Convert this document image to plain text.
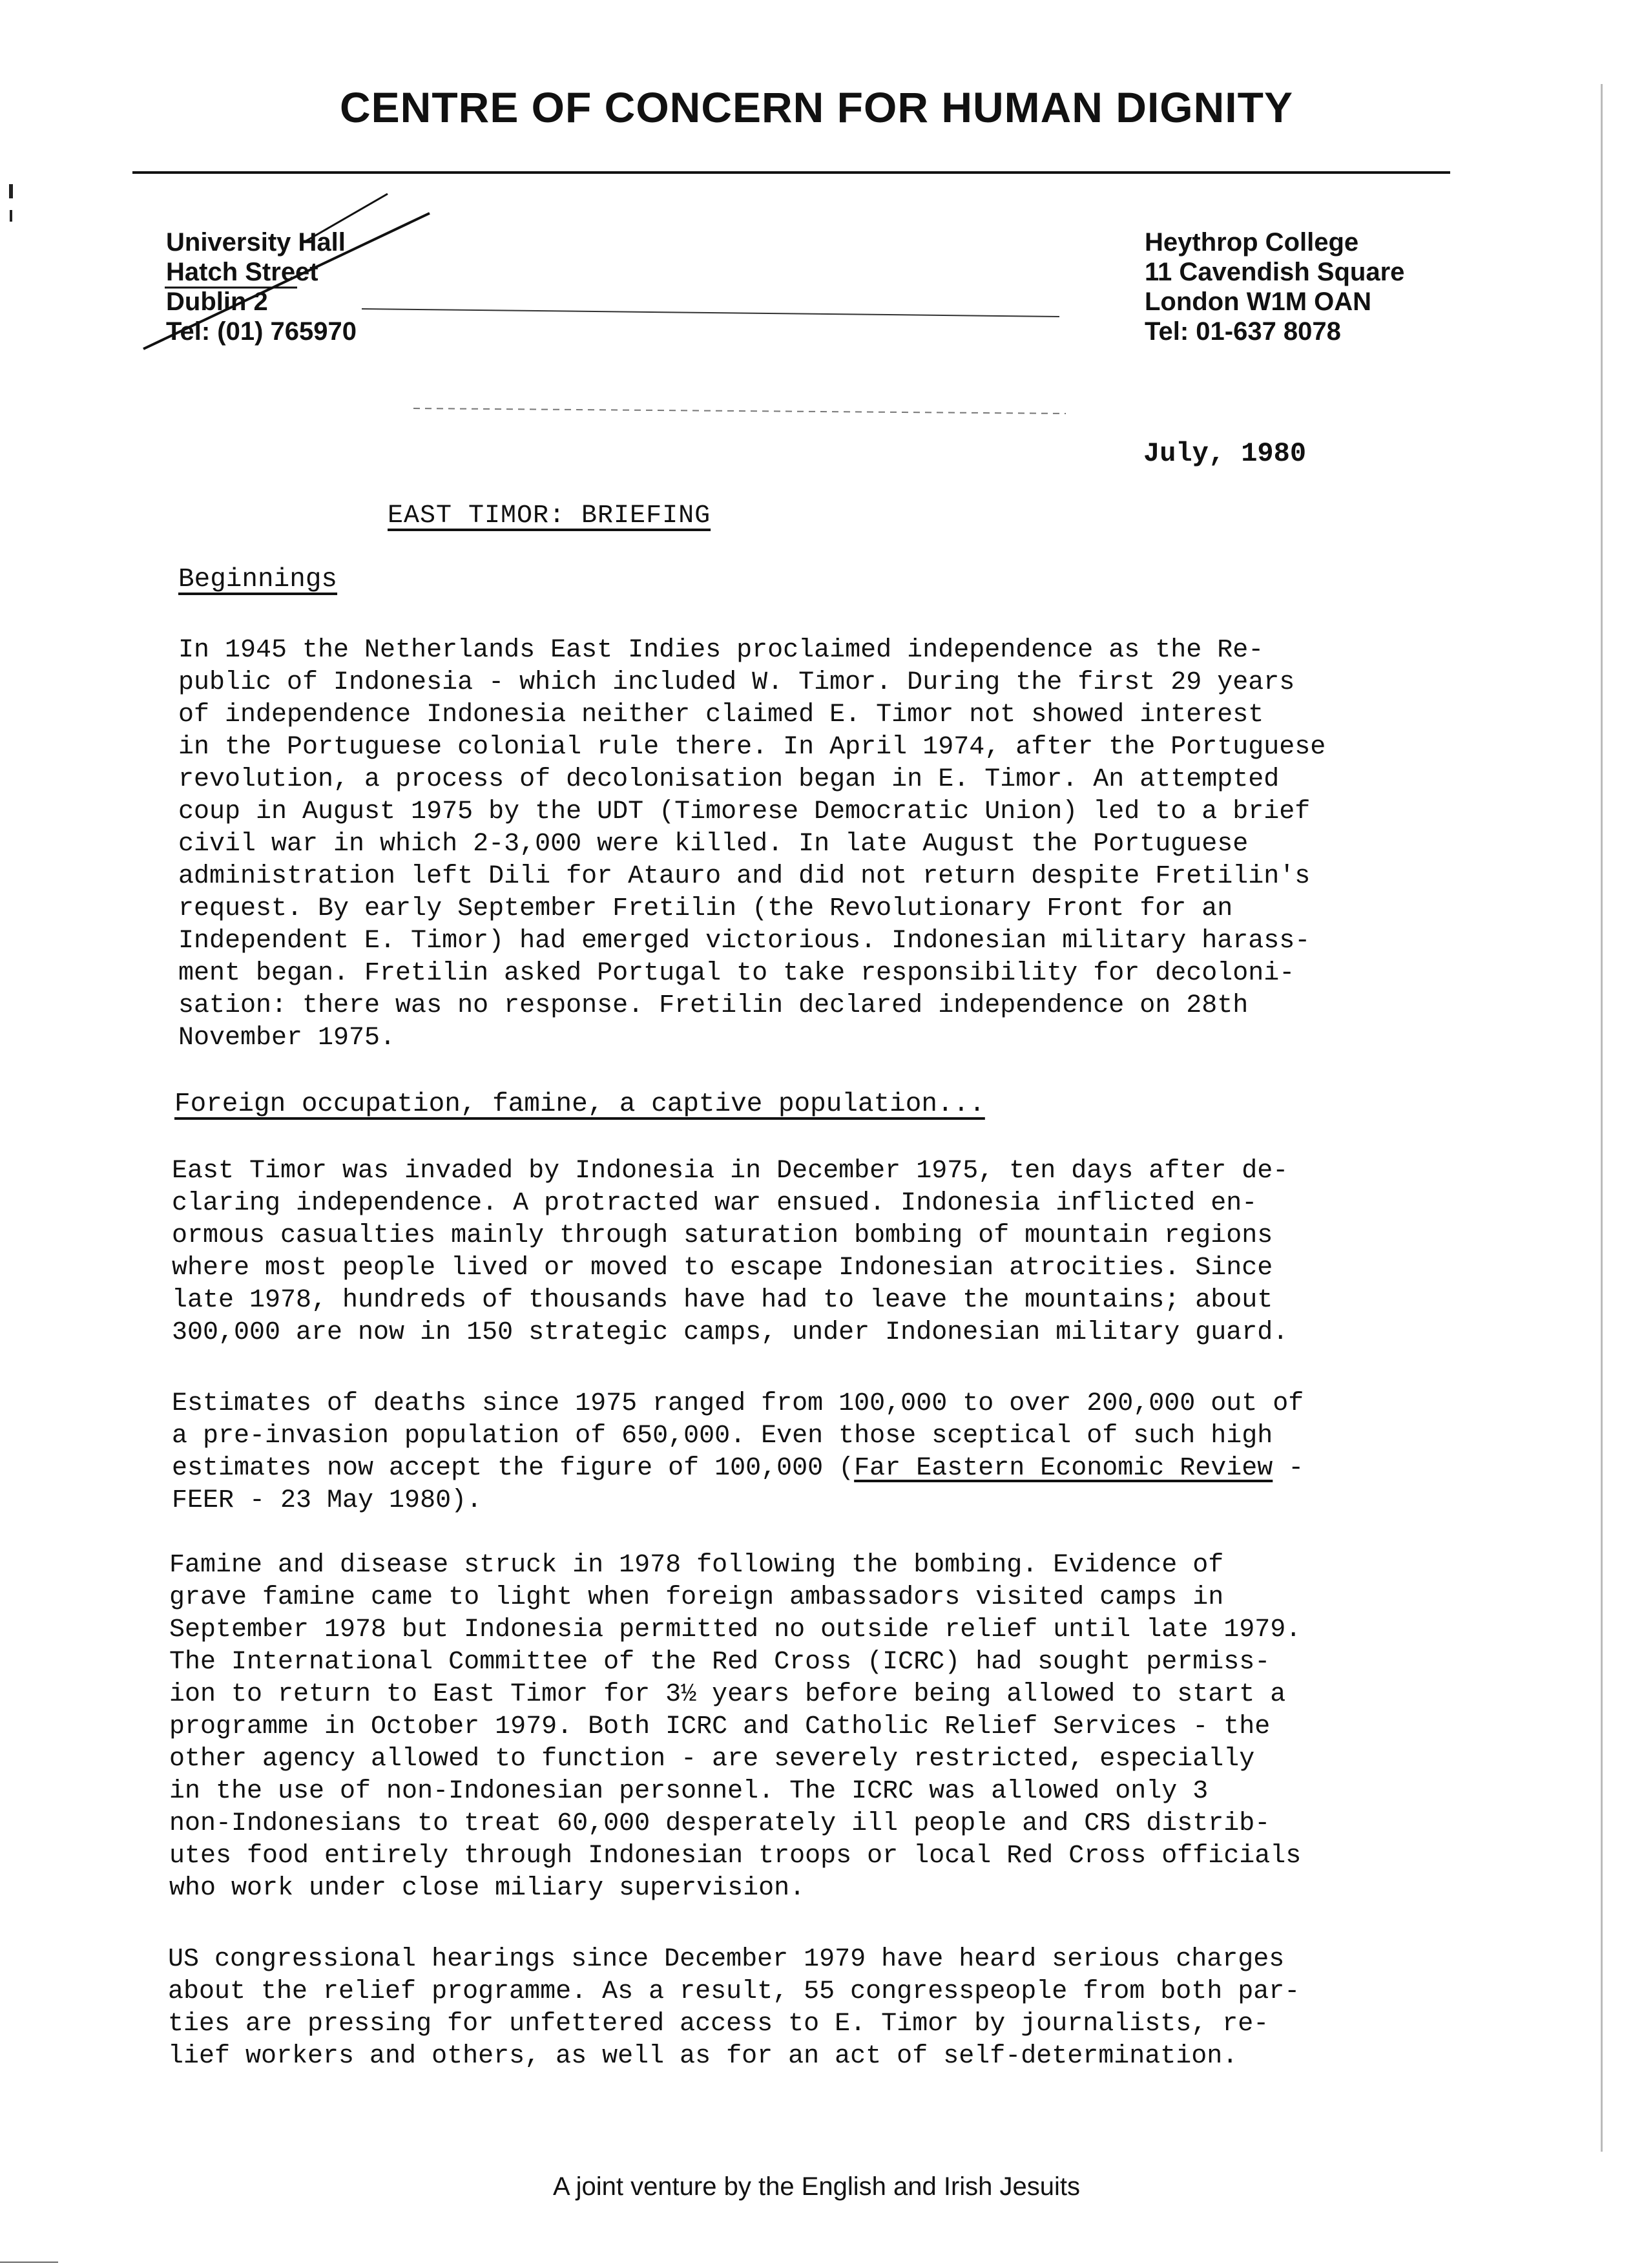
CENTRE OF CONCERN FOR HUMAN DIGNITY
University Hall
Hatch Street
Dublin 2
Tel: (01) 765970
Heythrop College
11 Cavendish Square
London W1M OAN
Tel: 01-637 8078
July, 1980
EAST TIMOR: BRIEFING
Beginnings
In 1945 the Netherlands East Indies proclaimed independence as the Re-
public of Indonesia - which included W. Timor. During the first 29 years
of independence Indonesia neither claimed E. Timor not showed interest
in the Portuguese colonial rule there. In April 1974, after the Portuguese
revolution, a process of decolonisation began in E. Timor. An attempted
coup in August 1975 by the UDT (Timorese Democratic Union) led to a brief
civil war in which 2-3,000 were killed. In late August the Portuguese
administration left Dili for Atauro and did not return despite Fretilin's
request. By early September Fretilin (the Revolutionary Front for an
Independent E. Timor) had emerged victorious. Indonesian military harass-
ment began. Fretilin asked Portugal to take responsibility for decoloni-
sation: there was no response. Fretilin declared independence on 28th
November 1975.
Foreign occupation, famine, a captive population...
East Timor was invaded by Indonesia in December 1975, ten days after de-
claring independence. A protracted war ensued. Indonesia inflicted en-
ormous casualties mainly through saturation bombing of mountain regions
where most people lived or moved to escape Indonesian atrocities. Since
late 1978, hundreds of thousands have had to leave the mountains; about
300,000 are now in 150 strategic camps, under Indonesian military guard.
Estimates of deaths since 1975 ranged from 100,000 to over 200,000 out of
a pre-invasion population of 650,000. Even those sceptical of such high
estimates now accept the figure of 100,000 (Far Eastern Economic Review -
FEER - 23 May 1980).
Famine and disease struck in 1978 following the bombing. Evidence of
grave famine came to light when foreign ambassadors visited camps in
September 1978 but Indonesia permitted no outside relief until late 1979.
The International Committee of the Red Cross (ICRC) had sought permiss-
ion to return to East Timor for 3½ years before being allowed to start a
programme in October 1979. Both ICRC and Catholic Relief Services - the
other agency allowed to function - are severely restricted, especially
in the use of non-Indonesian personnel. The ICRC was allowed only 3
non-Indonesians to treat 60,000 desperately ill people and CRS distrib-
utes food entirely through Indonesian troops or local Red Cross officials
who work under close miliary supervision.
US congressional hearings since December 1979 have heard serious charges
about the relief programme. As a result, 55 congresspeople from both par-
ties are pressing for unfettered access to E. Timor by journalists, re-
lief workers and others, as well as for an act of self-determination.
A joint venture by the English and Irish Jesuits
